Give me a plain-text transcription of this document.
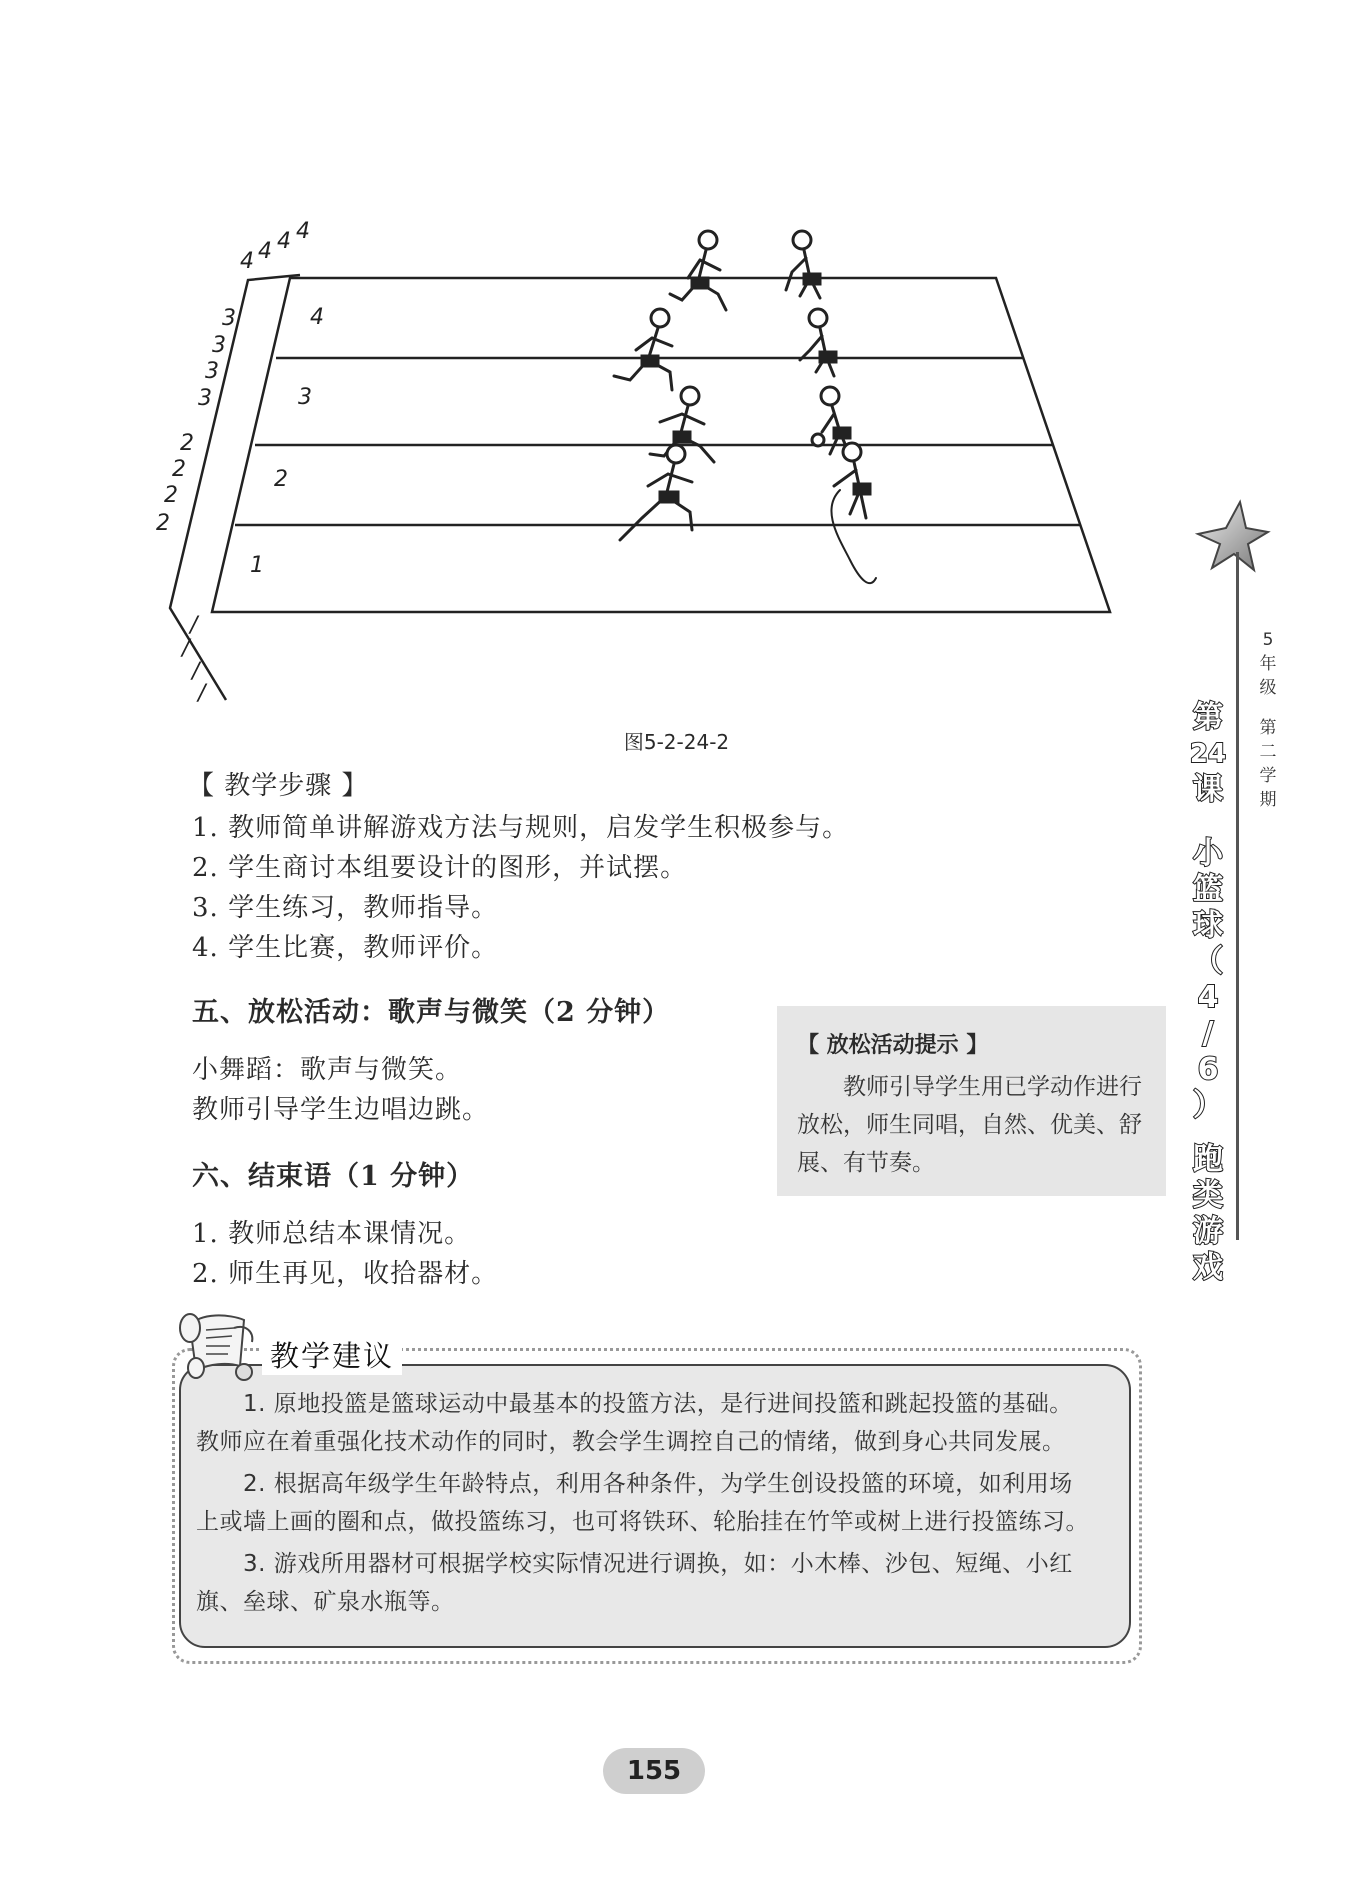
4
3
2
1
4 4 4 4
3
3
3
3
2
2
2
2
/
/
/
/
图5-2-24-2
【 教学步骤 】
1. 教师简单讲解游戏方法与规则，启发学生积极参与。
2. 学生商讨本组要设计的图形，并试摆。
3. 学生练习，教师指导。
4. 学生比赛，教师评价。
五、放松活动：歌声与微笑（2 分钟）
小舞蹈：歌声与微笑。
教师引导学生边唱边跳。
六、结束语（1 分钟）
1. 教师总结本课情况。
2. 师生再见，收拾器材。
【 放松活动提示 】
教师引导学生用已学动作进行放松，师生同唱，自然、优美、舒展、有节奏。
5
年
级
第
二
学
期
第
24
课
小
篮
球
（
4
/
6
）
跑
类
游
戏
教学建议
　　1. 原地投篮是篮球运动中最基本的投篮方法，是行进间投篮和跳起投篮的基础。
教师应在着重强化技术动作的同时，教会学生调控自己的情绪，做到身心共同发展。
　　2. 根据高年级学生年龄特点，利用各种条件，为学生创设投篮的环境，如利用场
上或墙上画的圈和点，做投篮练习，也可将铁环、轮胎挂在竹竿或树上进行投篮练习。
　　3. 游戏所用器材可根据学校实际情况进行调换，如：小木棒、沙包、短绳、小红
旗、垒球、矿泉水瓶等。
155
